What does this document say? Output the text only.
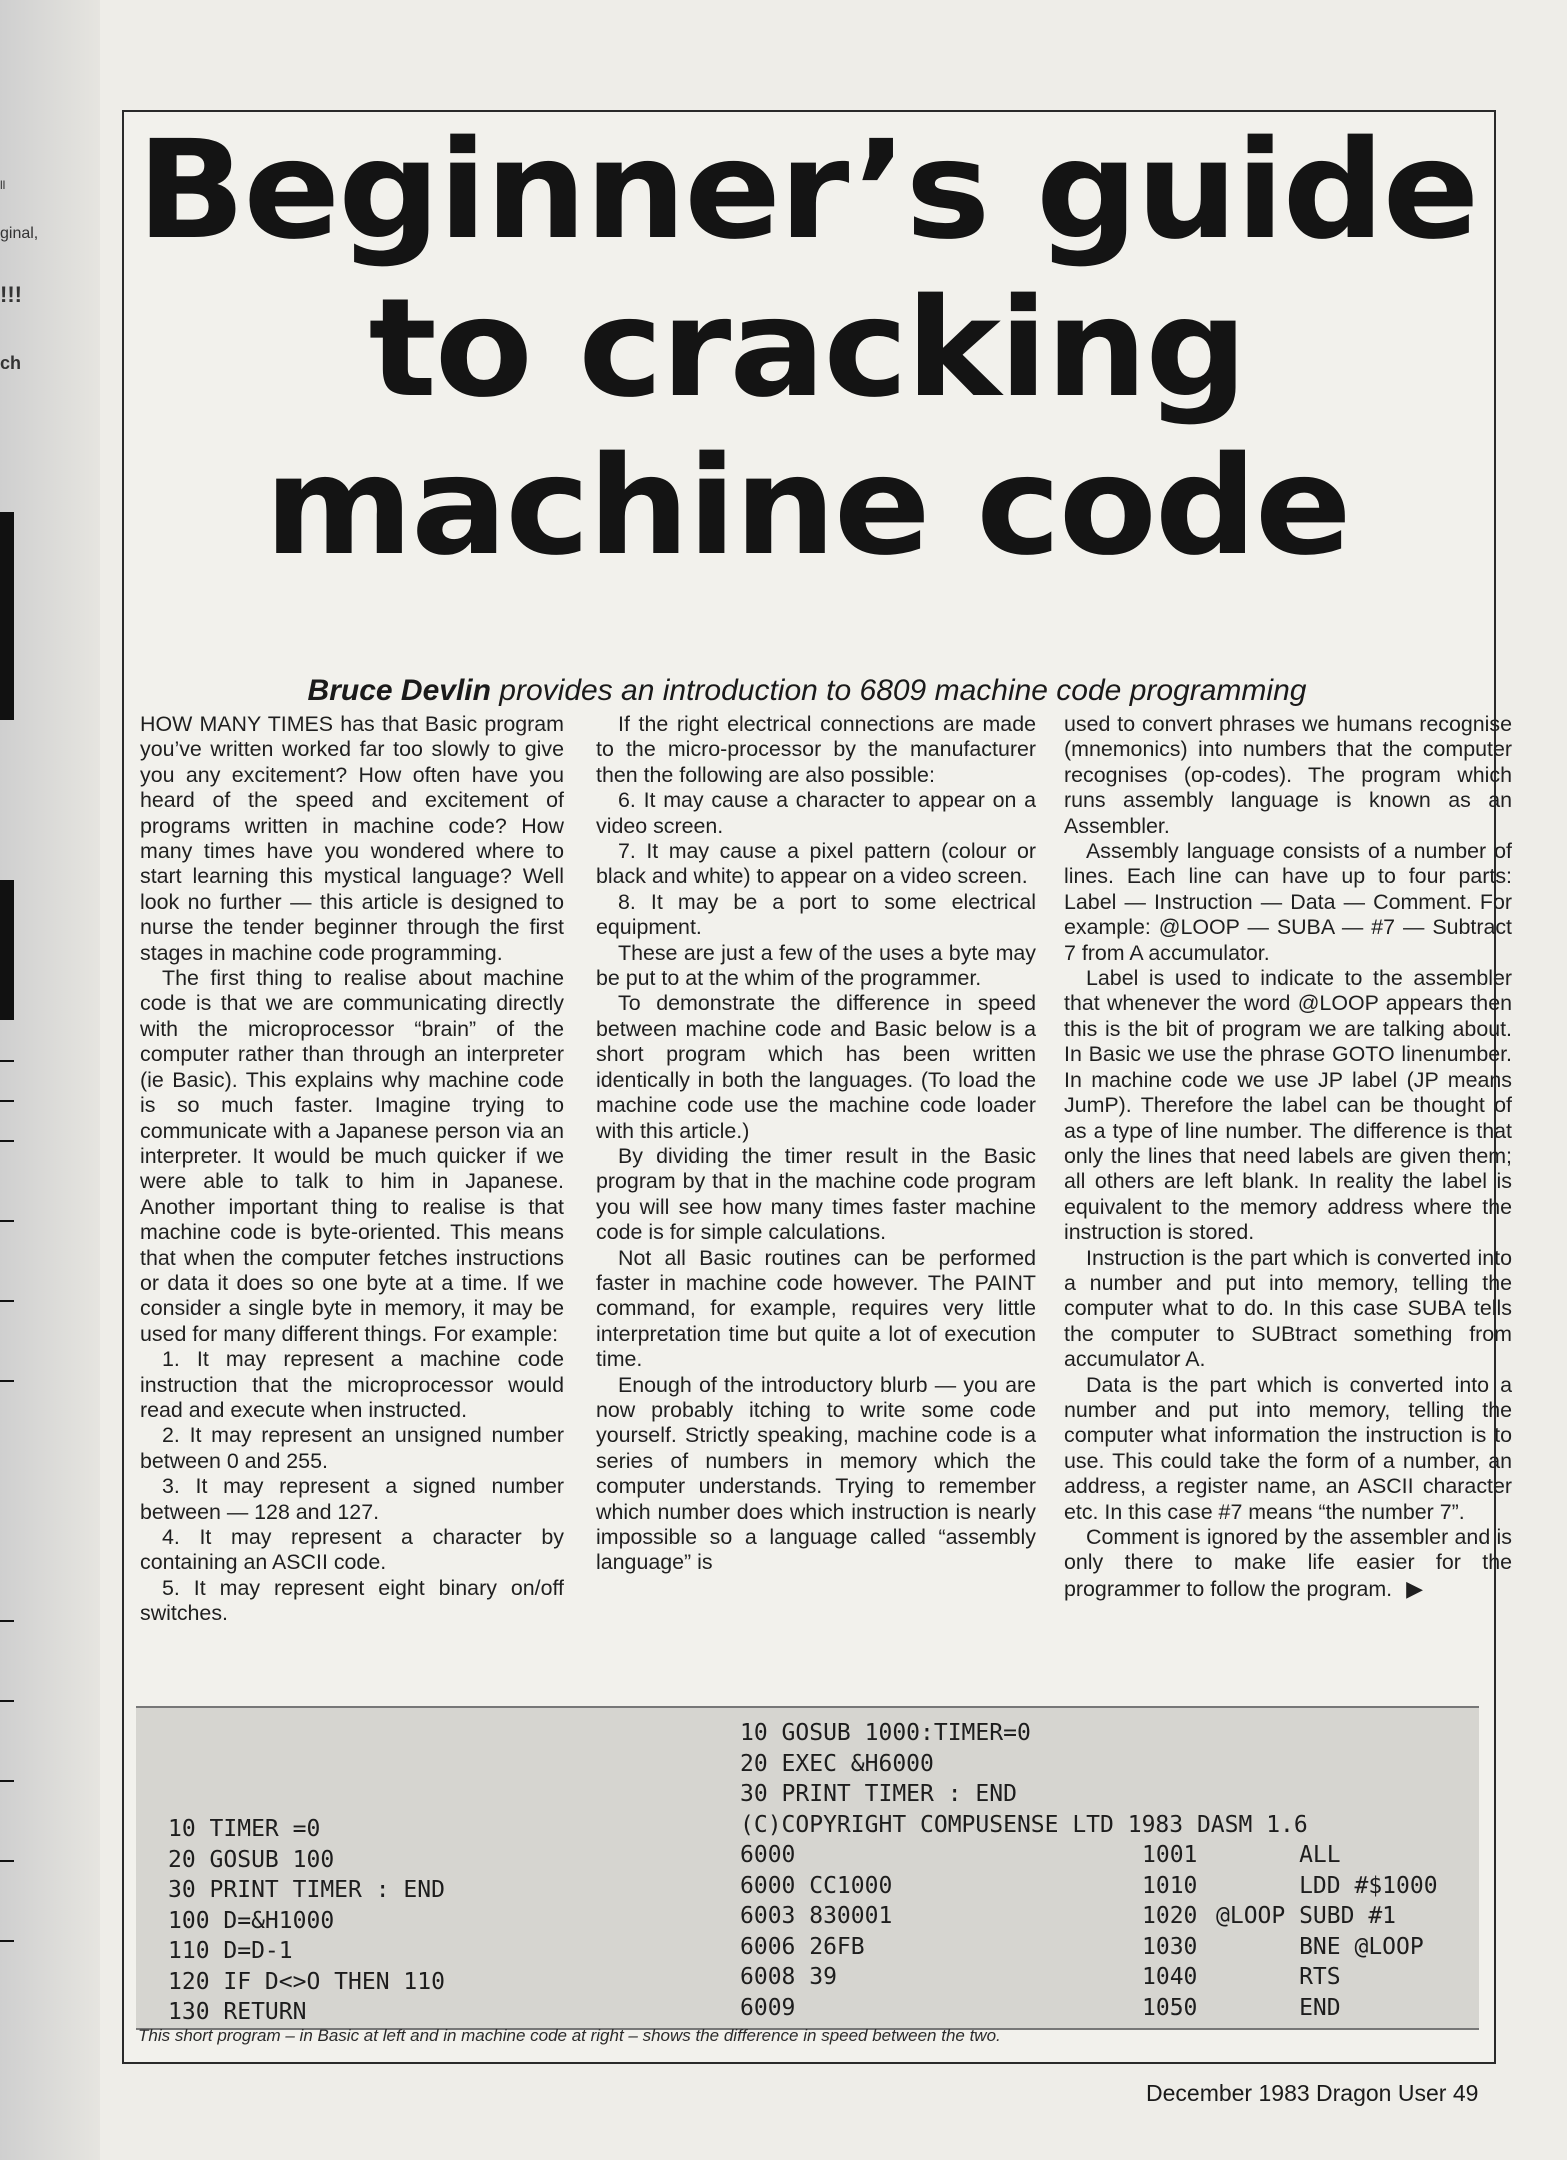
ll
ginal,
!!!
ch
Beginner’s guide
to cracking
machine code
Bruce Devlin provides an introduction to 6809 machine code programming

HOW MANY TIMES has that Basic program you’ve written worked far too slowly to give you any excitement? How often have you heard of the speed and excitement of programs written in machine code? How many times have you wondered where to start learning this mystical language? Well look no further — this article is designed to nurse the tender beginner through the first stages in machine code programming.

The first thing to realise about machine code is that we are communicating directly with the microprocessor “brain” of the computer rather than through an interpreter (ie Basic). This explains why machine code is so much faster. Imagine trying to communicate with a Japanese person via an interpreter. It would be much quicker if we were able to talk to him in Japanese. Another important thing to realise is that machine code is byte-oriented. This means that when the computer fetches instructions or data it does so one byte at a time. If we consider a single byte in memory, it may be used for many different things. For example:

1. It may represent a machine code instruction that the microprocessor would read and execute when instructed.

2. It may represent an unsigned number between 0 and 255.

3. It may represent a signed number between — 128 and 127.

4. It may represent a character by containing an ASCII code.

5. It may represent eight binary on/off switches.

If the right electrical connections are made to the micro-processor by the manufacturer then the following are also possible:

6. It may cause a character to appear on a video screen.

7. It may cause a pixel pattern (colour or black and white) to appear on a video screen.

8. It may be a port to some electrical equipment.

These are just a few of the uses a byte may be put to at the whim of the programmer.

To demonstrate the difference in speed between machine code and Basic below is a short program which has been written identically in both the languages. (To load the machine code use the machine code loader with this article.)

By dividing the timer result in the Basic program by that in the machine code program you will see how many times faster machine code is for simple calculations.

Not all Basic routines can be performed faster in machine code however. The PAINT command, for example, requires very little interpretation time but quite a lot of execution time.

Enough of the introductory blurb — you are now probably itching to write some code yourself. Strictly speaking, machine code is a series of numbers in memory which the computer understands. Trying to remember which number does which instruction is nearly impossible so a language called “assembly language” is

used to convert phrases we humans recognise (mnemonics) into numbers that the computer recognises (op-codes). The program which runs assembly language is known as an Assembler.

Assembly language consists of a number of lines. Each line can have up to four parts: Label — Instruction — Data — Comment. For example: @LOOP — SUBA — #7 — Subtract 7 from A accumulator.

Label is used to indicate to the assembler that whenever the word @LOOP appears then this is the bit of program we are talking about. In Basic we use the phrase GOTO linenumber. In machine code we use JP label (JP means JumP). Therefore the label can be thought of as a type of line number. The difference is that only the lines that need labels are given them; all others are left blank. In reality the label is equivalent to the memory address where the instruction is stored.

Instruction is the part which is converted into a number and put into memory, telling the computer what to do. In this case SUBA tells the computer to SUBtract something from accumulator A.

Data is the part which is converted into a number and put into memory, telling the computer what information the instruction is to use. This could take the form of a number, an address, a register name, an ASCII character etc. In this case #7 means “the number 7”.

Comment is ignored by the assembler and is only there to make life easier for the programmer to follow the program. ▶

10 TIMER =0
20 GOSUB 100
30 PRINT TIMER : END
100 D=&H1000
110 D=D-1
120 IF D<>O THEN 110
130 RETURN
10 GOSUB 1000:TIMER=0
20 EXEC &H6000
30 PRINT TIMER : END
(C)COPYRIGHT COMPUSENSE LTD 1983 DASM 1.6
6000
6000 CC1000
6003 830001
6006 26FB
6008 39
6009
1001
1010
1020
1030
1040
1050
ALL
LDD #$1000
@LOOP SUBD #1
BNE @LOOP
RTS
END
This short program – in Basic at left and in machine code at right – shows the difference in speed between the two.
December 1983 Dragon User 49
